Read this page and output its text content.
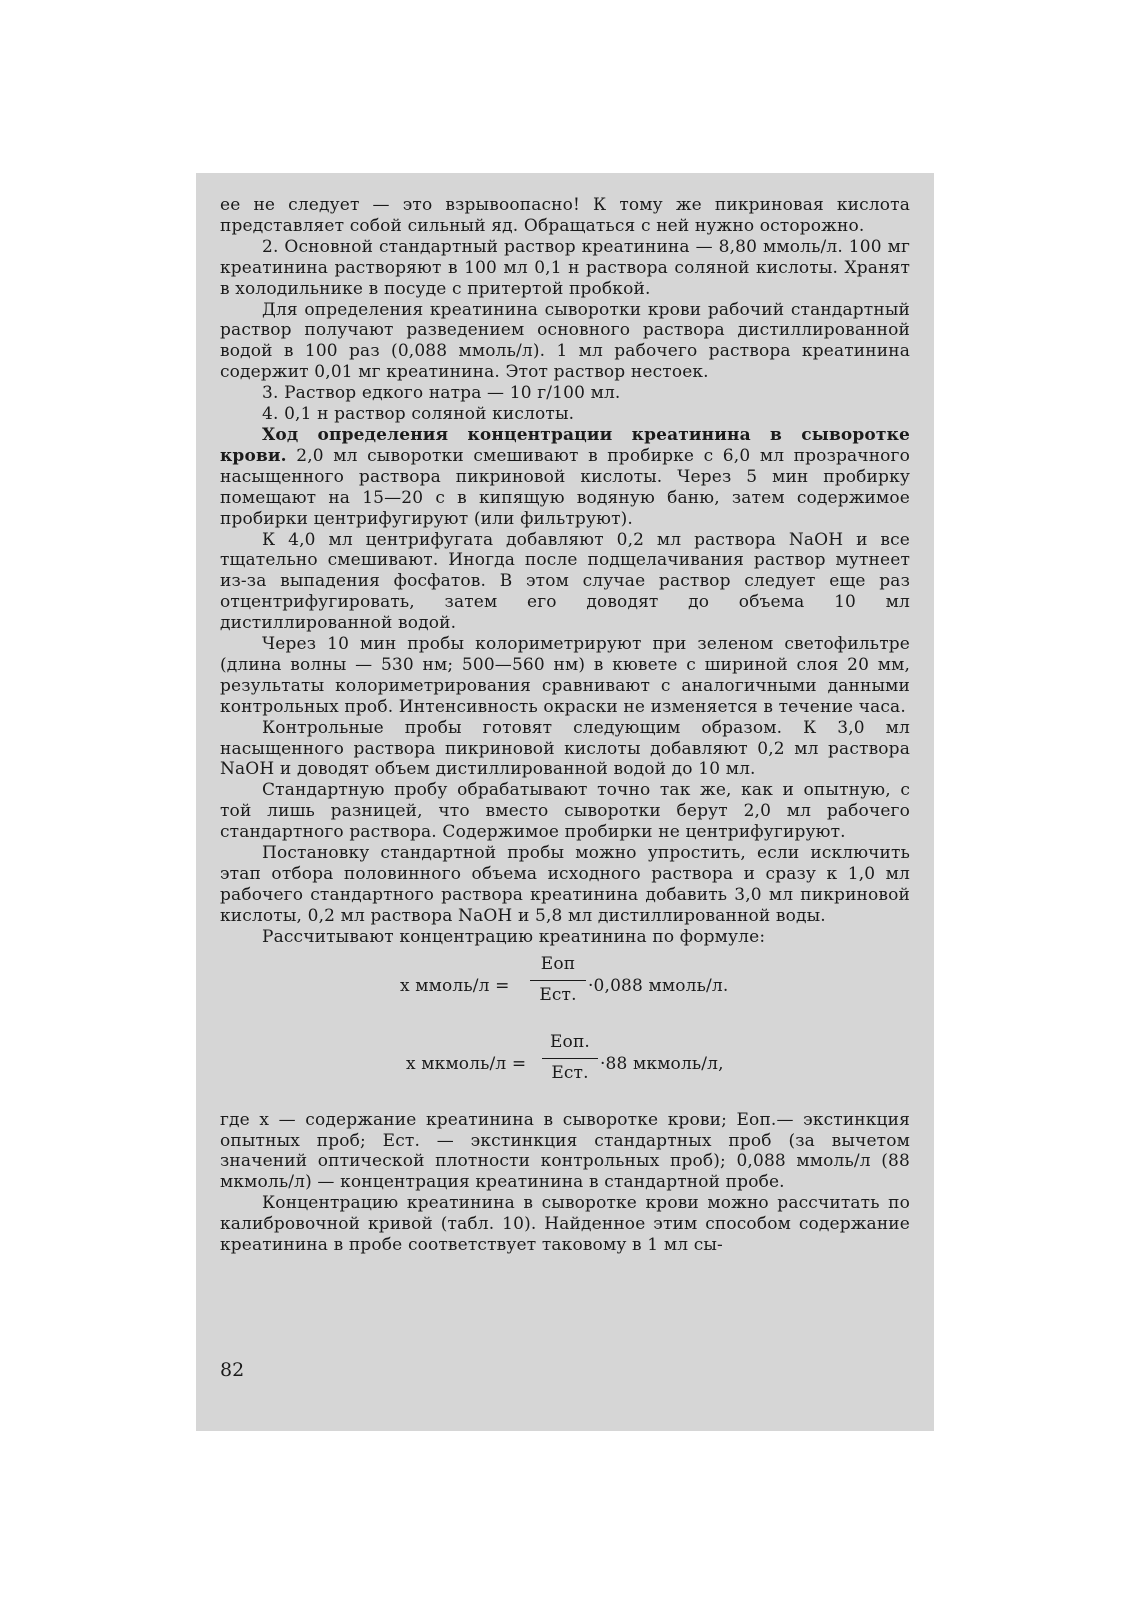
ее не следует — это взрывоопасно! К тому же пикриновая кислота представляет собой сильный яд. Обращаться с ней нужно осторожно.

2. Основной стандартный раствор креатинина — 8,80 ммоль/л. 100 мг креатинина растворяют в 100 мл 0,1 н раствора соляной кислоты. Хранят в холодильнике в посуде с притертой пробкой.

Для определения креатинина сыворотки крови рабочий стандартный раствор получают разведением основного раствора дистиллированной водой в 100 раз (0,088 ммоль/л). 1 мл рабочего раствора креатинина содержит 0,01 мг креатинина. Этот раствор нестоек.

3. Раствор едкого натра — 10 г/100 мл.

4. 0,1 н раствор соляной кислоты.

Ход определения концентрации креатинина в сыворотке крови. 2,0 мл сыворотки смешивают в пробирке с 6,0 мл прозрачного насыщенного раствора пикриновой кислоты. Через 5 мин пробирку помещают на 15—20 с в кипящую водяную баню, затем содержимое пробирки центрифугируют (или фильтруют).

К 4,0 мл центрифугата добавляют 0,2 мл раствора NaOH и все тщательно смешивают. Иногда после подщелачивания раствор мутнеет из-за выпадения фосфатов. В этом случае раствор следует еще раз отцентрифугировать, затем его доводят до объема 10 мл дистиллированной водой.

Через 10 мин пробы колориметрируют при зеленом светофильтре (длина волны — 530 нм; 500—560 нм) в кювете с шириной слоя 20 мм, результаты колориметрирования сравнивают с аналогичными данными контрольных проб. Интенсивность окраски не изменяется в течение часа.

Контрольные пробы готовят следующим образом. К 3,0 мл насыщенного раствора пикриновой кислоты добавляют 0,2 мл раствора NaOH и доводят объем дистиллированной водой до 10 мл.

Стандартную пробу обрабатывают точно так же, как и опытную, с той лишь разницей, что вместо сыворотки берут 2,0 мл рабочего стандартного раствора. Содержимое пробирки не центрифугируют.

Постановку стандартной пробы можно упростить, если исключить этап отбора половинного объема исходного раствора и сразу к 1,0 мл рабочего стандартного раствора креатинина добавить 3,0 мл пикриновой кислоты, 0,2 мл раствора NaOH и 5,8 мл дистиллированной воды.

Рассчитывают концентрацию креатинина по формуле:

х ммоль/л =
Eоп
Eст. ·0,088 ммоль/л.
х мкмоль/л =
Eоп.
Eст. ·88 мкмоль/л,

где х — содержание креатинина в сыворотке крови; Еоп.— экстинкция опытных проб; Ест. — экстинкция стандартных проб (за вычетом значений оптической плотности контрольных проб); 0,088 ммоль/л (88 мкмоль/л) — концентрация креатинина в стандартной пробе.

Концентрацию креатинина в сыворотке крови можно рассчитать по калибровочной кривой (табл. 10). Найденное этим способом содержание креатинина в пробе соответствует таковому в 1 мл сы-

82
